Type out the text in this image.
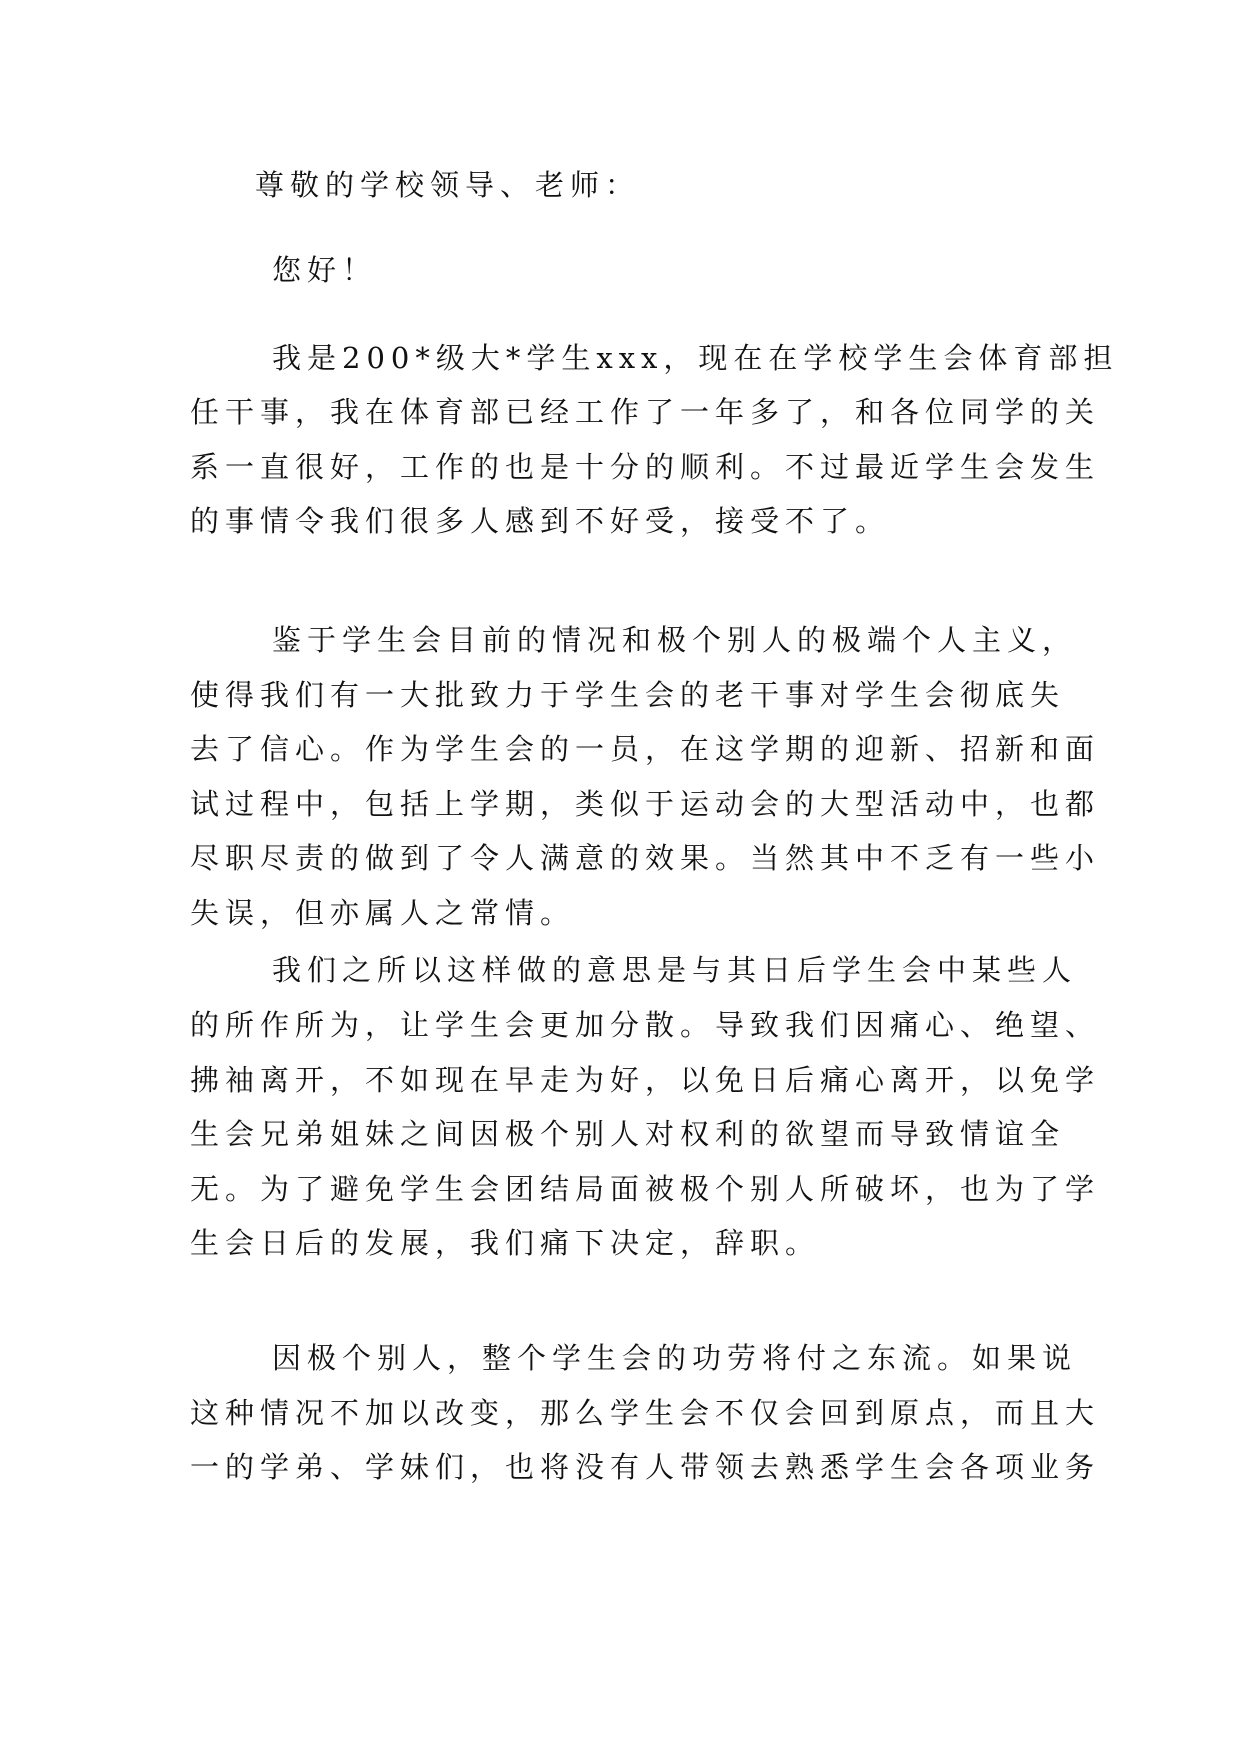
尊敬的学校领导、老师：
您好！
我是200*级大*学生xxx，现在在学校学生会体育部担
任干事，我在体育部已经工作了一年多了，和各位同学的关
系一直很好，工作的也是十分的顺利。不过最近学生会发生
的事情令我们很多人感到不好受，接受不了。
鉴于学生会目前的情况和极个别人的极端个人主义，
使得我们有一大批致力于学生会的老干事对学生会彻底失
去了信心。作为学生会的一员，在这学期的迎新、招新和面
试过程中，包括上学期，类似于运动会的大型活动中，也都
尽职尽责的做到了令人满意的效果。当然其中不乏有一些小
失误，但亦属人之常情。
我们之所以这样做的意思是与其日后学生会中某些人
的所作所为，让学生会更加分散。导致我们因痛心、绝望、
拂袖离开，不如现在早走为好，以免日后痛心离开，以免学
生会兄弟姐妹之间因极个别人对权利的欲望而导致情谊全
无。为了避免学生会团结局面被极个别人所破坏，也为了学
生会日后的发展，我们痛下决定，辞职。
因极个别人，整个学生会的功劳将付之东流。如果说
这种情况不加以改变，那么学生会不仅会回到原点，而且大
一的学弟、学妹们，也将没有人带领去熟悉学生会各项业务
